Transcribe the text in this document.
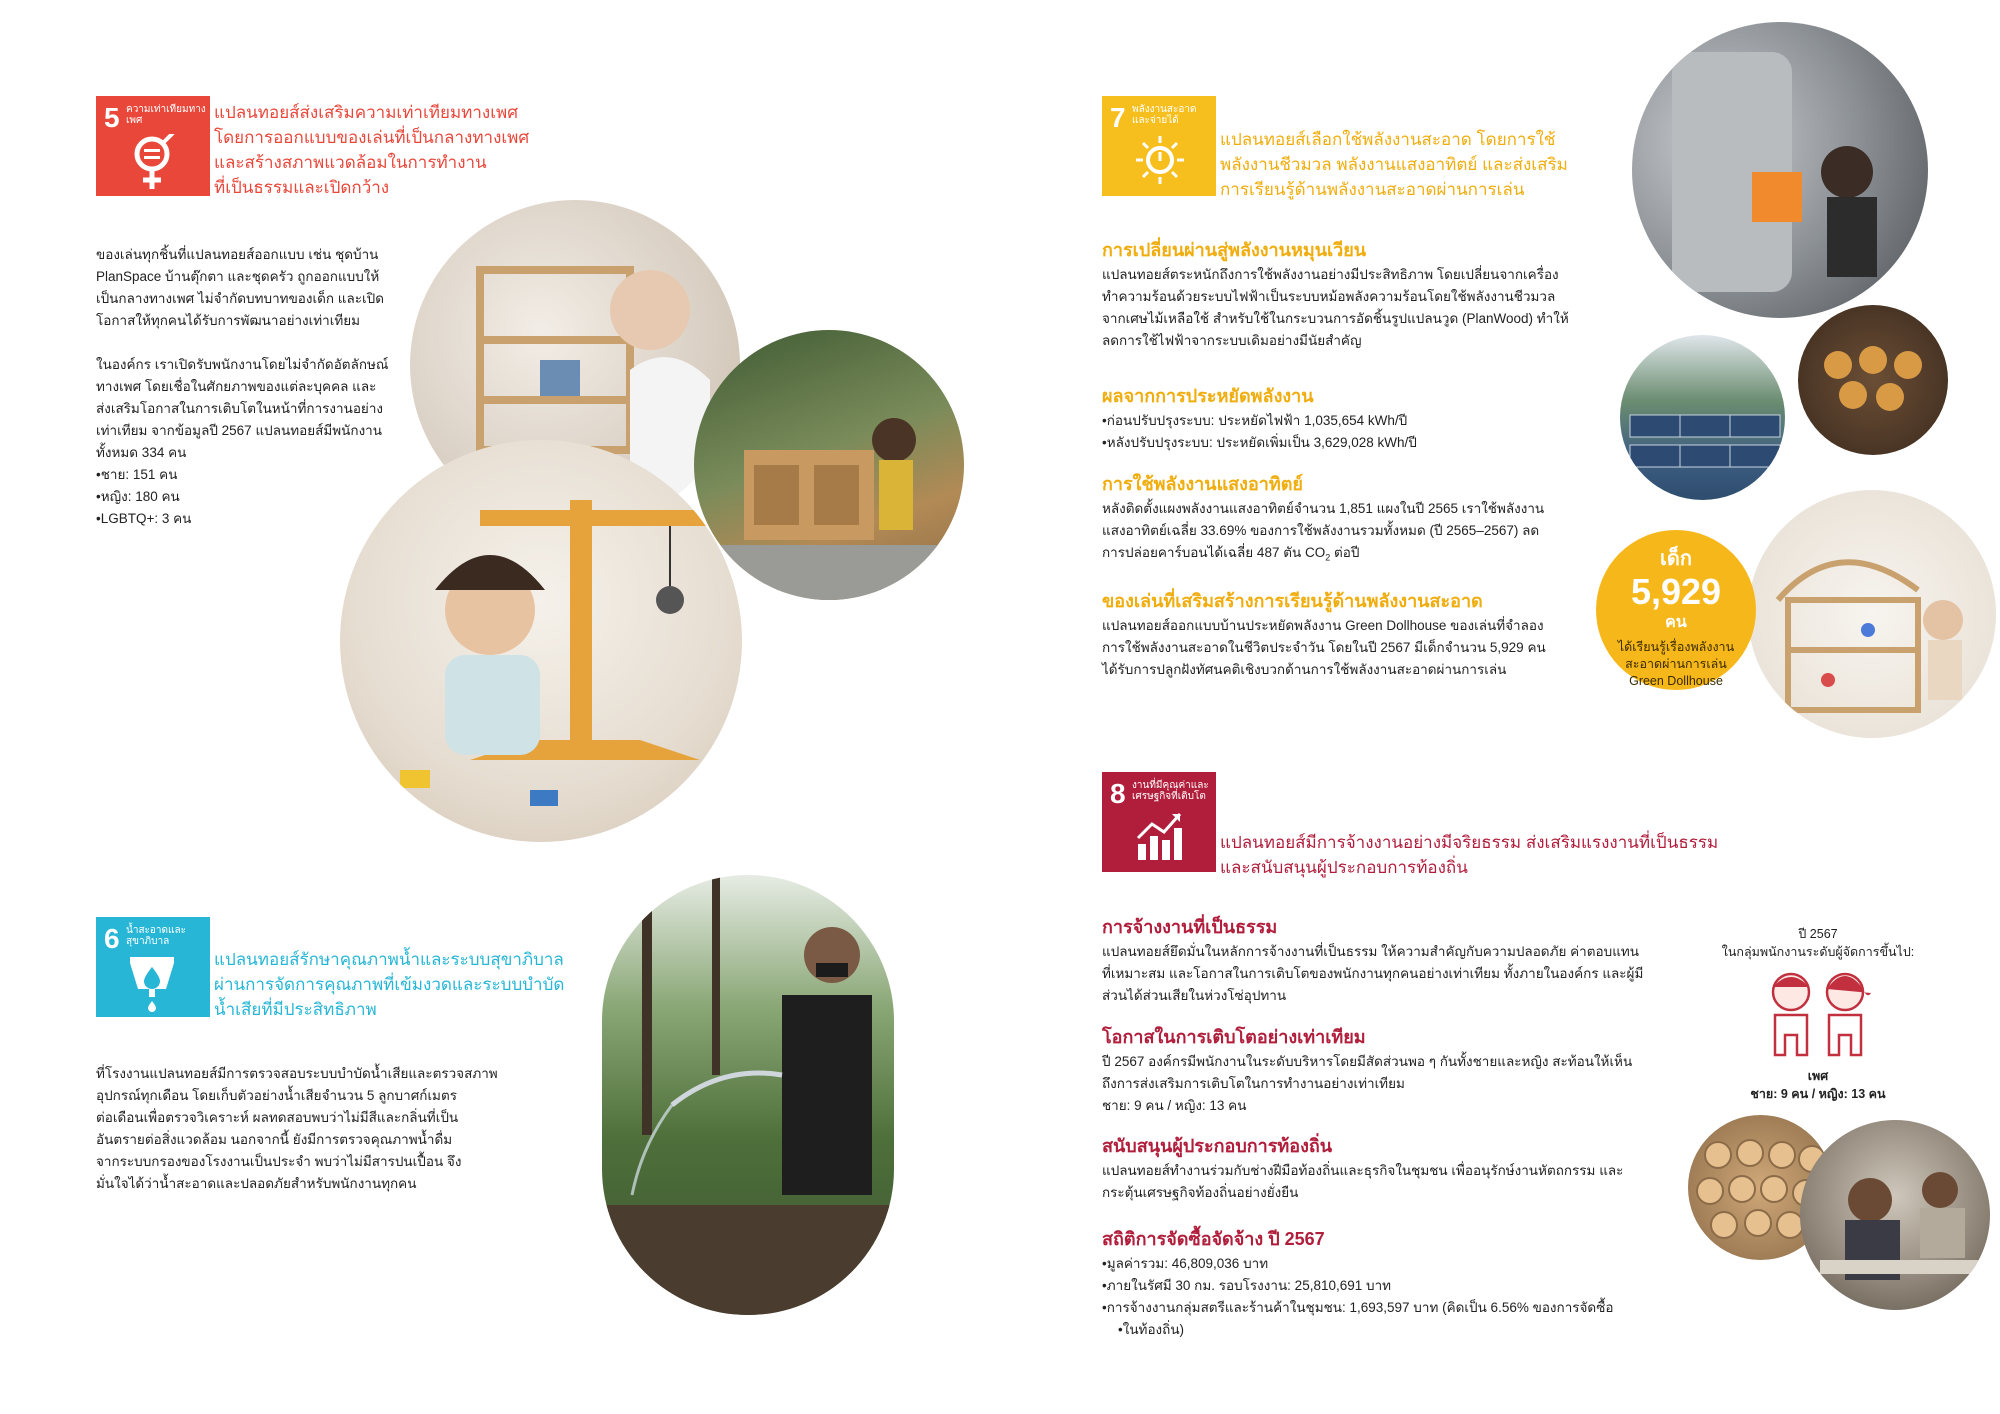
5 ความเท่าเทียมทางเพศ	แปลนทอยส์ส่งเสริมความเท่าเทียมทางเพศ
โดยการออกแบบของเล่นที่เป็นกลางทางเพศ
และสร้างสภาพแวดล้อมในการทำงาน
ที่เป็นธรรมและเปิดกว้าง

ของเล่นทุกชิ้นที่แปลนทอยส์ออกแบบ เช่น ชุดบ้าน

PlanSpace บ้านตุ๊กตา และชุดครัว ถูกออกแบบให้

เป็นกลางทางเพศ ไม่จำกัดบทบาทของเด็ก และเปิด

โอกาสให้ทุกคนได้รับการพัฒนาอย่างเท่าเทียม

ในองค์กร เราเปิดรับพนักงานโดยไม่จำกัดอัตลักษณ์

ทางเพศ โดยเชื่อในศักยภาพของแต่ละบุคคล และ

ส่งเสริมโอกาสในการเติบโตในหน้าที่การงานอย่าง

เท่าเทียม จากข้อมูลปี 2567 แปลนทอยส์มีพนักงาน

ทั้งหมด 334 คน

• ชาย: 151 คน
• หญิง: 180 คน
• LGBTQ+: 3 คน
6 น้ำสะอาดและสุขาภิบาล
แปลนทอยส์รักษาคุณภาพน้ำและระบบสุขาภิบาล
ผ่านการจัดการคุณภาพที่เข้มงวดและระบบบำบัด
น้ำเสียที่มีประสิทธิภาพ

ที่โรงงานแปลนทอยส์มีการตรวจสอบระบบบำบัดน้ำเสียและตรวจสภาพ

อุปกรณ์ทุกเดือน โดยเก็บตัวอย่างน้ำเสียจำนวน 5 ลูกบาศก์เมตร

ต่อเดือนเพื่อตรวจวิเคราะห์ ผลทดสอบพบว่าไม่มีสีและกลิ่นที่เป็น

อันตรายต่อสิ่งแวดล้อม นอกจากนี้ ยังมีการตรวจคุณภาพน้ำดื่ม

จากระบบกรองของโรงงานเป็นประจำ พบว่าไม่มีสารปนเปื้อน จึง

มั่นใจได้ว่าน้ำสะอาดและปลอดภัยสำหรับพนักงานทุกคน

7 พลังงานสะอาดและจ่ายได้
แปลนทอยส์เลือกใช้พลังงานสะอาด โดยการใช้
พลังงานชีวมวล พลังงานแสงอาทิตย์ และส่งเสริม
การเรียนรู้ด้านพลังงานสะอาดผ่านการเล่น
การเปลี่ยนผ่านสู่พลังงานหมุนเวียน

แปลนทอยส์ตระหนักถึงการใช้พลังงานอย่างมีประสิทธิภาพ โดยเปลี่ยนจากเครื่อง

ทำความร้อนด้วยระบบไฟฟ้าเป็นระบบหม้อพลังความร้อนโดยใช้พลังงานชีวมวล

จากเศษไม้เหลือใช้ สำหรับใช้ในกระบวนการอัดชิ้นรูปแปลนวูด (PlanWood) ทำให้

ลดการใช้ไฟฟ้าจากระบบเดิมอย่างมีนัยสำคัญ

ผลจากการประหยัดพลังงาน
• ก่อนปรับปรุงระบบ: ประหยัดไฟฟ้า 1,035,654 kWh/ปี
• หลังปรับปรุงระบบ: ประหยัดเพิ่มเป็น 3,629,028 kWh/ปี
การใช้พลังงานแสงอาทิตย์

หลังติดตั้งแผงพลังงานแสงอาทิตย์จำนวน 1,851 แผงในปี 2565 เราใช้พลังงาน

แสงอาทิตย์เฉลี่ย 33.69% ของการใช้พลังงานรวมทั้งหมด (ปี 2565–2567) ลด

การปล่อยคาร์บอนได้เฉลี่ย 487 ตัน $CO_2$ ต่อปี

ของเล่นที่เสริมสร้างการเรียนรู้ด้านพลังงานสะอาด

แปลนทอยส์ออกแบบบ้านประหยัดพลังงาน Green Dollhouse ของเล่นที่จำลอง

การใช้พลังงานสะอาดในชีวิตประจำวัน โดยในปี 2567 มีเด็กจำนวน 5,929 คน

ได้รับการปลูกฝังทัศนคติเชิงบวกด้านการใช้พลังงานสะอาดผ่านการเล่น

เด็ก
5,929
คน
ได้เรียนรู้เรื่องพลังงาน
สะอาดผ่านการเล่น
Green Dollhouse
8 งานที่มีคุณค่าและเศรษฐกิจที่เติบโต
แปลนทอยส์มีการจ้างงานอย่างมีจริยธรรม ส่งเสริมแรงงานที่เป็นธรรม
และสนับสนุนผู้ประกอบการท้องถิ่น
การจ้างงานที่เป็นธรรม

แปลนทอยส์ยึดมั่นในหลักการจ้างงานที่เป็นธรรม ให้ความสำคัญกับความปลอดภัย ค่าตอบแทน

ที่เหมาะสม และโอกาสในการเติบโตของพนักงานทุกคนอย่างเท่าเทียม ทั้งภายในองค์กร และผู้มี

ส่วนได้ส่วนเสียในห่วงโซ่อุปทาน

โอกาสในการเติบโตอย่างเท่าเทียม

ปี 2567 องค์กรมีพนักงานในระดับบริหารโดยมีสัดส่วนพอ ๆ กันทั้งชายและหญิง สะท้อนให้เห็น

ถึงการส่งเสริมการเติบโตในการทำงานอย่างเท่าเทียม

ชาย: 9 คน / หญิง: 13 คน

สนับสนุนผู้ประกอบการท้องถิ่น

แปลนทอยส์ทำงานร่วมกับช่างฝีมือท้องถิ่นและธุรกิจในชุมชน เพื่ออนุรักษ์งานหัตถกรรม และ

กระตุ้นเศรษฐกิจท้องถิ่นอย่างยั่งยืน

สถิติการจัดซื้อจัดจ้าง ปี 2567
• มูลค่ารวม: 46,809,036 บาท
• ภายในรัศมี 30 กม. รอบโรงงาน: 25,810,691 บาท
• การจ้างงานกลุ่มสตรีและร้านค้าในชุมชน: 1,693,597 บาท (คิดเป็น 6.56% ของการจัดซื้อ
• ในท้องถิ่น)
ปี 2567
ในกลุ่มพนักงานระดับผู้จัดการขึ้นไป:
เพศ
ชาย: 9 คน / หญิง: 13 คน
